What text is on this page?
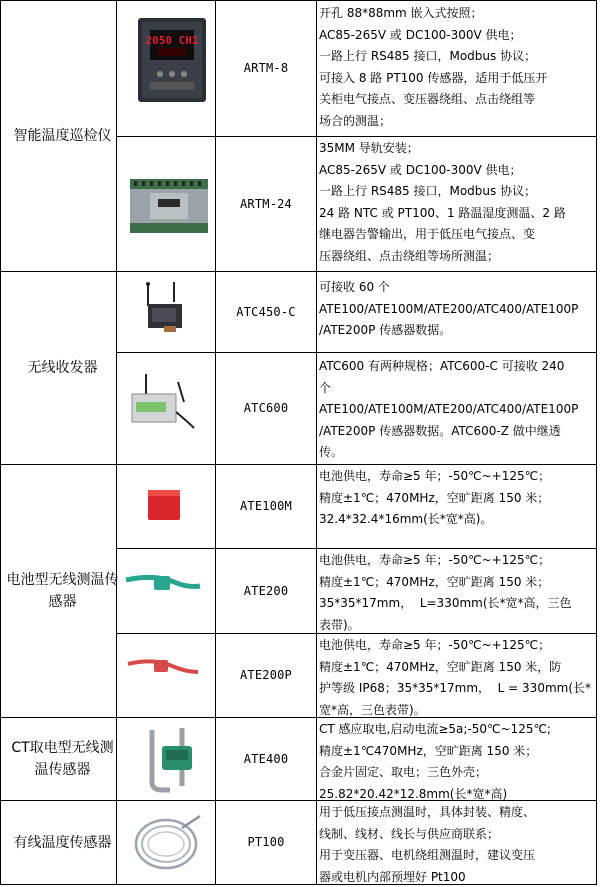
智能温度巡检仪
无线收发器
电池型无线测温传感器
CT取电型无线测温传感器
有线温度传感器
ARTM-8
ARTM-24
ATC450-C
ATC600
ATE100M
ATE200
ATE200P
ATE400
PT100
开孔 88*88mm 嵌入式按照；
AC85-265V 或 DC100-300V 供电；
一路上行 RS485 接口，Modbus 协议；
可接入 8 路 PT100 传感器，适用于低压开
关柜电气接点、变压器绕组、点击绕组等
场合的测温；
35MM 导轨安装；
AC85-265V 或 DC100-300V 供电；
一路上行 RS485 接口，Modbus 协议；
24 路 NTC 或 PT100、1 路温湿度测温、2 路
继电器告警输出，用于低压电气接点、变
压器绕组、点击绕组等场所测温；
可接收 60 个
ATE100/ATE100M/ATE200/ATC400/ATE100P
/ATE200P 传感器数据。
ATC600 有两种规格；ATC600-C 可接收 240
个
ATE100/ATE100M/ATE200/ATC400/ATE100P
/ATE200P 传感器数据。ATC600-Z 做中继透
传。
电池供电，寿命≥5 年；-50℃~+125℃；
精度±1℃；470MHz，空旷距离 150 米；
32.4*32.4*16mm(长*宽*高)。
电池供电，寿命≥5 年；-50℃~+125℃；
精度±1℃；470MHz，空旷距离 150 米；
35*35*17mm，  L=330mm(长*宽*高，三色
表带)。
电池供电，寿命≥5 年；-50℃~+125℃；
精度±1℃；470MHz，空旷距离 150 米，防
护等级 IP68；35*35*17mm，  L = 330mm(长*
宽*高，三色表带)。
CT 感应取电,启动电流≥5a;-50℃~125℃;
精度±1℃470MHz，空旷距离 150 米；
合金片固定、取电；三色外壳；
25.82*20.42*12.8mm(长*宽*高)
用于低压接点测温时，具体封装、精度、
线制、线材、线长与供应商联系；
用于变压器、电机绕组测温时，建议变压
器或电机内部预埋好 Pt100
2050 CH1
